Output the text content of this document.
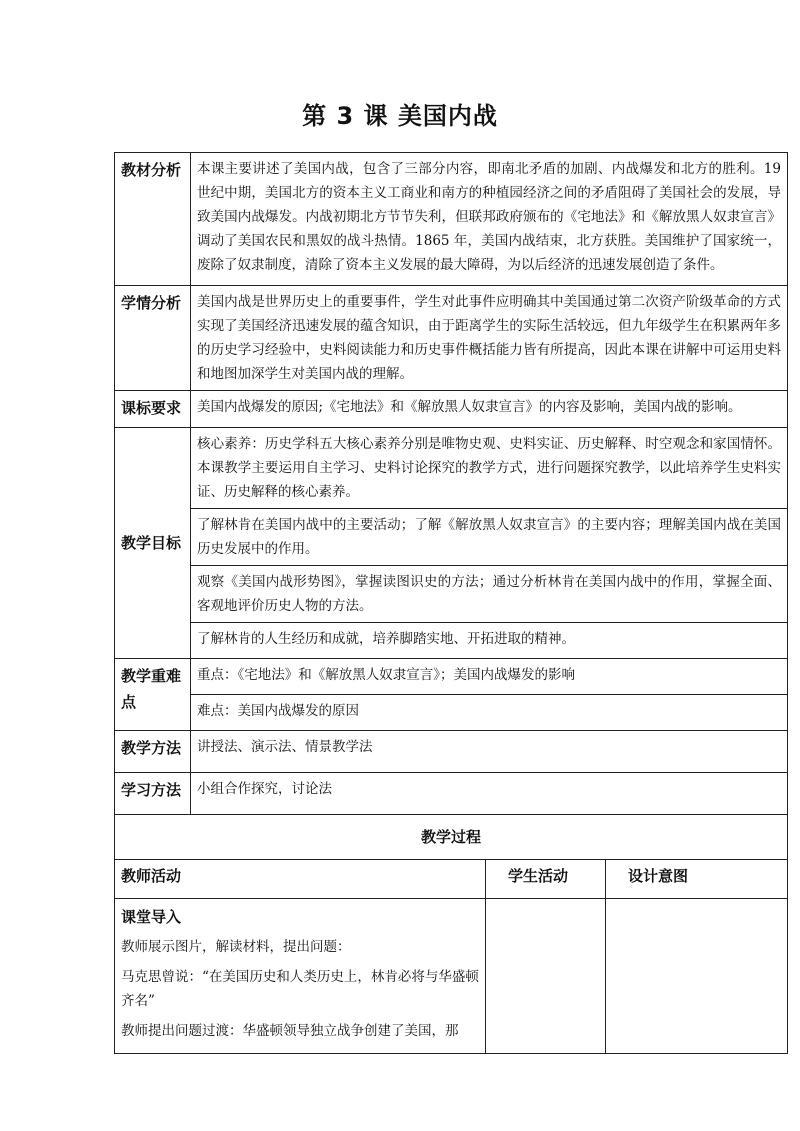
第 3 课 美国内战
教材分析	本课主要讲述了美国内战，包含了三部分内容，即南北矛盾的加剧、内战爆发和北方的胜利。19 世纪中期，美国北方的资本主义工商业和南方的种植园经济之间的矛盾阻碍了美国社会的发展，导致美国内战爆发。内战初期北方节节失利，但联邦政府颁布的《宅地法》和《解放黑人奴隶宣言》调动了美国农民和黑奴的战斗热情。1865 年，美国内战结束，北方获胜。美国维护了国家统一，废除了奴隶制度，清除了资本主义发展的最大障碍，为以后经济的迅速发展创造了条件。
学情分析	美国内战是世界历史上的重要事件，学生对此事件应明确其中美国通过第二次资产阶级革命的方式实现了美国经济迅速发展的蕴含知识，由于距离学生的实际生活较远，但九年级学生在积累两年多的历史学习经验中，史料阅读能力和历史事件概括能力皆有所提高，因此本课在讲解中可运用史料和地图加深学生对美国内战的理解。
课标要求	美国内战爆发的原因;《宅地法》和《解放黑人奴隶宣言》的内容及影响，美国内战的影响。
教学目标	核心素养：历史学科五大核心素养分别是唯物史观、史料实证、历史解释、时空观念和家国情怀。本课教学主要运用自主学习、史料讨论探究的教学方式，进行问题探究教学，以此培养学生史料实证、历史解释的核心素养。
	了解林肯在美国内战中的主要活动；了解《解放黑人奴隶宣言》的主要内容；理解美国内战在美国历史发展中的作用。
	观察《美国内战形势图》，掌握读图识史的方法；通过分析林肯在美国内战中的作用，掌握全面、客观地评价历史人物的方法。
	了解林肯的人生经历和成就，培养脚踏实地、开拓进取的精神。
教学重难点	重点：《宅地法》和《解放黑人奴隶宣言》；美国内战爆发的影响
	难点：美国内战爆发的原因
教学方法	讲授法、演示法、情景教学法
学习方法	小组合作探究，讨论法
教学过程		
教师活动	学生活动	设计意图

课堂导入

教师展示图片，解读材料，提出问题：

马克思曾说：“在美国历史和人类历史上，林肯必将与华盛顿齐名”

教师提出问题过渡：华盛顿领导独立战争创建了美国，那		
